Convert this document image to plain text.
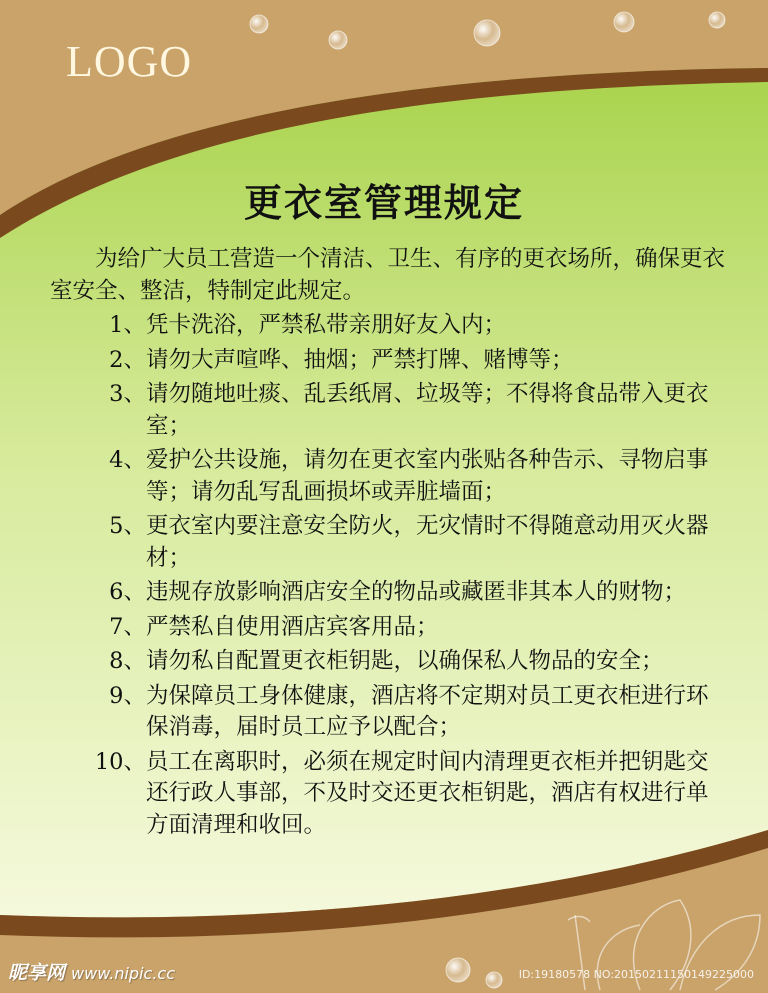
LOGO
更衣室管理规定

为给广大员工营造一个清洁、卫生、有序的更衣场所，确保更衣室安全、整洁，特制定此规定。

1、 凭卡洗浴，严禁私带亲朋好友入内；
2、 请勿大声喧哗、抽烟；严禁打牌、赌博等；
3、 请勿随地吐痰、乱丢纸屑、垃圾等；不得将食品带入更衣室；
4、 爱护公共设施，请勿在更衣室内张贴各种告示、寻物启事等；请勿乱写乱画损坏或弄脏墙面；
5、 更衣室内要注意安全防火，无灾情时不得随意动用灭火器材；
6、 违规存放影响酒店安全的物品或藏匿非其本人的财物；
7、 严禁私自使用酒店宾客用品；
8、 请勿私自配置更衣柜钥匙，以确保私人物品的安全；
9、 为保障员工身体健康，酒店将不定期对员工更衣柜进行环保消毒，届时员工应予以配合；
10、 员工在离职时，必须在规定时间内清理更衣柜并把钥匙交还行政人事部，不及时交还更衣柜钥匙，酒店有权进行单方面清理和收回。
昵享网 www.nipic.cc	ID:19180578 NO:20150211150149225000
